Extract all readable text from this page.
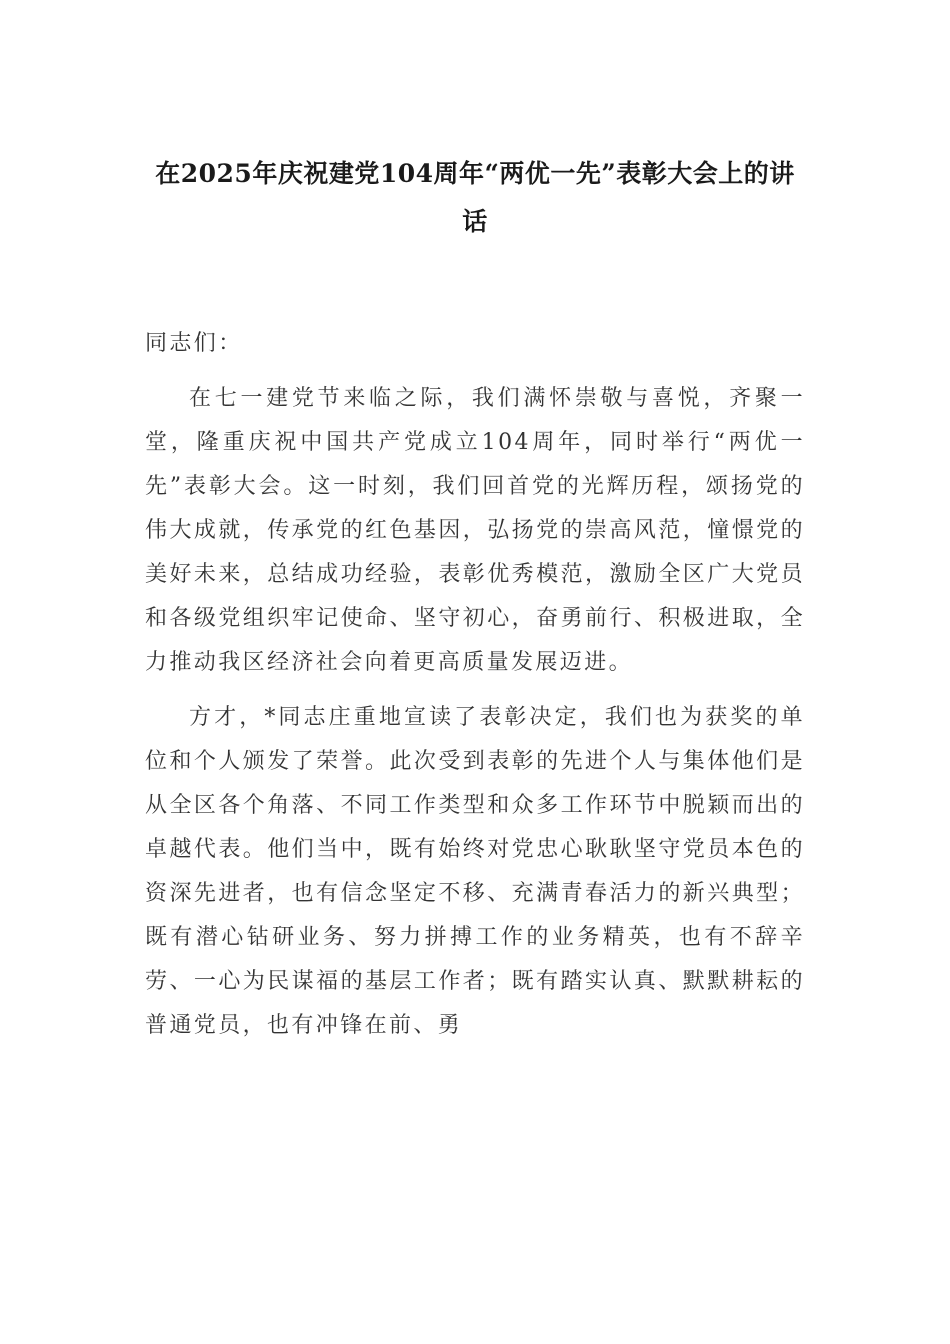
在2025年庆祝建党104周年“两优一先”表彰大会上的讲话

同志们：

在七一建党节来临之际，我们满怀崇敬与喜悦，齐聚一堂，隆重庆祝中国共产党成立104周年，同时举行“两优一先”表彰大会。这一时刻，我们回首党的光辉历程，颂扬党的伟大成就，传承党的红色基因，弘扬党的崇高风范，憧憬党的美好未来，总结成功经验，表彰优秀模范，激励全区广大党员和各级党组织牢记使命、坚守初心，奋勇前行、积极进取，全力推动我区经济社会向着更高质量发展迈进。

方才，*同志庄重地宣读了表彰决定，我们也为获奖的单位和个人颁发了荣誉。此次受到表彰的先进个人与集体他们是从全区各个角落、不同工作类型和众多工作环节中脱颖而出的卓越代表。他们当中，既有始终对党忠心耿耿坚守党员本色的资深先进者，也有信念坚定不移、充满青春活力的新兴典型；既有潜心钻研业务、努力拼搏工作的业务精英，也有不辞辛劳、一心为民谋福的基层工作者；既有踏实认真、默默耕耘的普通党员，也有冲锋在前、勇
